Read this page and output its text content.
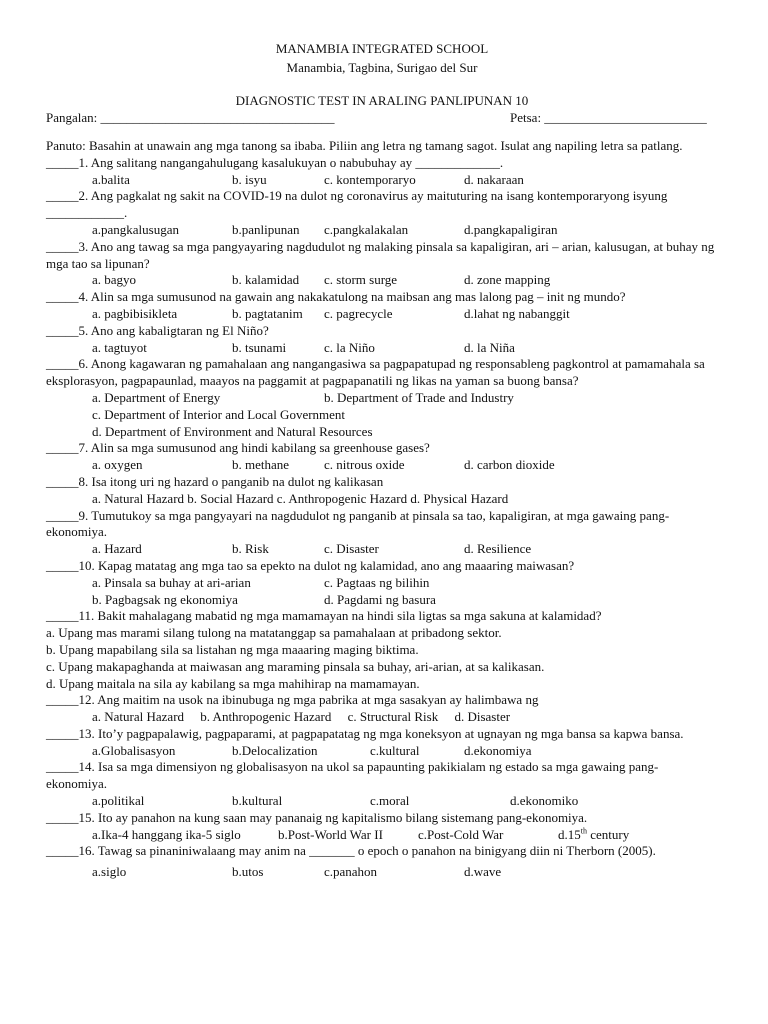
MANAMBIA INTEGRATED SCHOOL
Manambia, Tagbina, Surigao del Sur
DIAGNOSTIC TEST IN ARALING PANLIPUNAN 10
Pangalan: ____________________________________	Petsa: _________________________
Panuto: Basahin at unawain ang mga tanong sa ibaba. Piliin ang letra ng tamang sagot. Isulat ang napiling letra sa patlang.
_____1. Ang salitang nangangahulugang kasalukuyan o nabubuhay ay _____________.
a.balita	b. isyu	c. kontemporaryo	d. nakaraan
_____2. Ang pagkalat ng sakit na COVID-19 na dulot ng coronavirus ay maituturing na isang kontemporaryong isyung ____________.
a.pangkalusugan	b.panlipunan c.pangkalakalan	d.pangkapaligiran
_____3. Ano ang tawag sa mga pangyayaring nagdudulot ng malaking pinsala sa kapaligiran, ari – arian, kalusugan, at buhay ng mga tao sa lipunan?
a. bagyo	b. kalamidad c. storm surge	d. zone mapping
_____4. Alin sa mga sumusunod na gawain ang nakakatulong na maibsan ang mas lalong pag – init ng mundo?
a. pagbibisikleta	b. pagtatanim c. pagrecycle	d.lahat ng nabanggit
_____5. Ano ang kabaligtaran ng El Niño?
a. tagtuyot	b. tsunami	c. la Niño	d. la Niña
_____6. Anong kagawaran ng pamahalaan ang nangangasiwa sa pagpapatupad ng responsableng pagkontrol at pamamahala sa eksplorasyon, pagpapaunlad, maayos na paggamit at pagpapanatili ng likas na yaman sa buong bansa?
a. Department of Energy	b. Department of Trade and Industry
c. Department of Interior and Local Government
d. Department of Environment and Natural Resources
_____7. Alin sa mga sumusunod ang hindi kabilang sa greenhouse gases?
a. oxygen	b. methane	c. nitrous oxide	d. carbon dioxide
_____8. Isa itong uri ng hazard o panganib na dulot ng kalikasan
a. Natural Hazard b. Social Hazard c. Anthropogenic Hazard d. Physical Hazard
_____9. Tumutukoy sa mga pangyayari na nagdudulot ng panganib at pinsala sa tao, kapaligiran, at mga gawaing pang-ekonomiya.
a. Hazard	b. Risk	c. Disaster	d. Resilience
_____10. Kapag matatag ang mga tao sa epekto na dulot ng kalamidad, ano ang maaaring maiwasan?
a. Pinsala sa buhay at ari-arian	c. Pagtaas ng bilihin
b. Pagbagsak ng ekonomiya	d. Pagdami ng basura
_____11. Bakit mahalagang mabatid ng mga mamamayan na hindi sila ligtas sa mga sakuna at kalamidad?
a. Upang mas marami silang tulong na matatanggap sa pamahalaan at pribadong sektor.
b. Upang mapabilang sila sa listahan ng mga maaaring maging biktima.
c. Upang makapaghanda at maiwasan ang maraming pinsala sa buhay, ari-arian, at sa kalikasan.
d. Upang maitala na sila ay kabilang sa mga mahihirap na mamamayan.
_____12. Ang maitim na usok na ibinubuga ng mga pabrika at mga sasakyan ay halimbawa ng
a. Natural Hazard     b. Anthropogenic Hazard     c. Structural Risk     d. Disaster
_____13. Ito’y pagpapalawig, pagpaparami, at pagpapatatag ng mga koneksyon at ugnayan ng mga bansa sa kapwa bansa.
a.Globalisasyon	b.Delocalization	c.kultural	d.ekonomiya
_____14. Isa sa mga dimensiyon ng globalisasyon na ukol sa papaunting pakikialam ng estado sa mga gawaing pang-ekonomiya.
a.politikal	b.kultural	c.moral	d.ekonomiko
_____15. Ito ay panahon na kung saan may pananaig ng kapitalismo bilang sistemang pang-ekonomiya.
a.Ika-4 hanggang ika-5 siglo	b.Post-World War II	c.Post-Cold War	d.15th century
_____16. Tawag sa pinaniniwalaang may anim na _______ o epoch o panahon na binigyang diin ni Therborn (2005).
a.siglo	b.utos	c.panahon	d.wave
